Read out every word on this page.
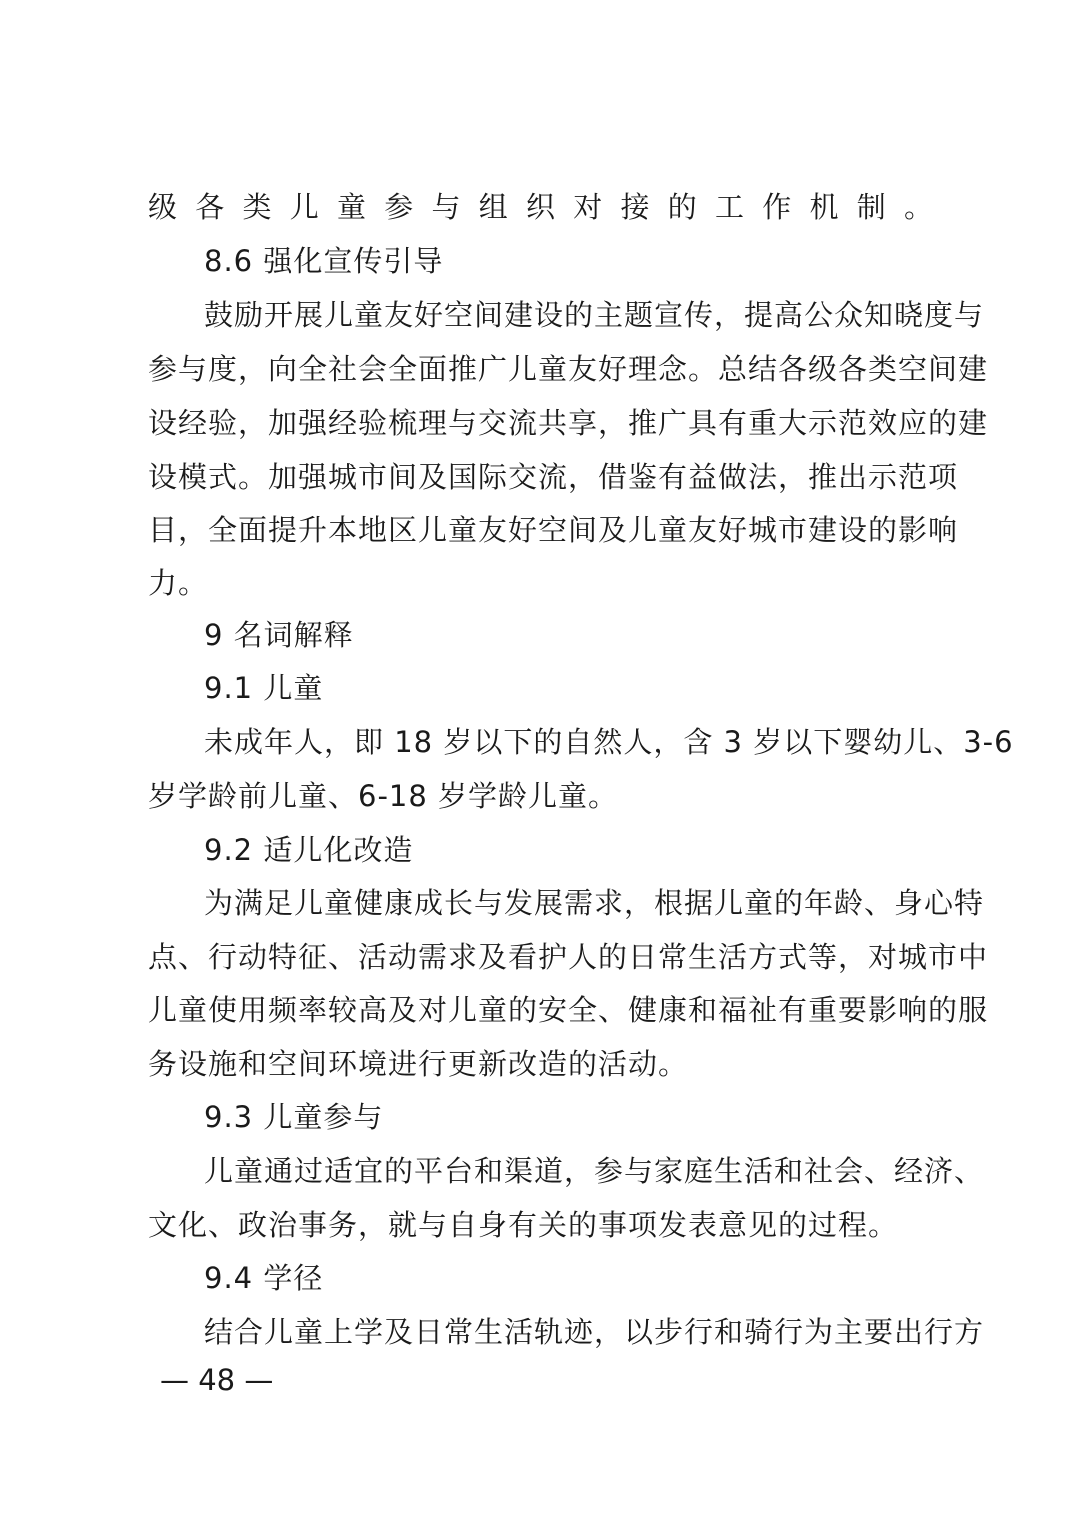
级各类儿童参与组织对接的工作机制。
8.6 强化宣传引导
鼓励开展儿童友好空间建设的主题宣传，提高公众知晓度与
参与度，向全社会全面推广儿童友好理念。总结各级各类空间建
设经验，加强经验梳理与交流共享，推广具有重大示范效应的建
设模式。加强城市间及国际交流，借鉴有益做法，推出示范项
目，全面提升本地区儿童友好空间及儿童友好城市建设的影响
力。
9 名词解释
9.1 儿童
未成年人，即 18 岁以下的自然人，含 3 岁以下婴幼儿、3-6
岁学龄前儿童、6-18 岁学龄儿童。
9.2 适儿化改造
为满足儿童健康成长与发展需求，根据儿童的年龄、身心特
点、行动特征、活动需求及看护人的日常生活方式等，对城市中
儿童使用频率较高及对儿童的安全、健康和福祉有重要影响的服
务设施和空间环境进行更新改造的活动。
9.3 儿童参与
儿童通过适宜的平台和渠道，参与家庭生活和社会、经济、
文化、政治事务，就与自身有关的事项发表意见的过程。
9.4 学径
结合儿童上学及日常生活轨迹，以步行和骑行为主要出行方
— 48 —
